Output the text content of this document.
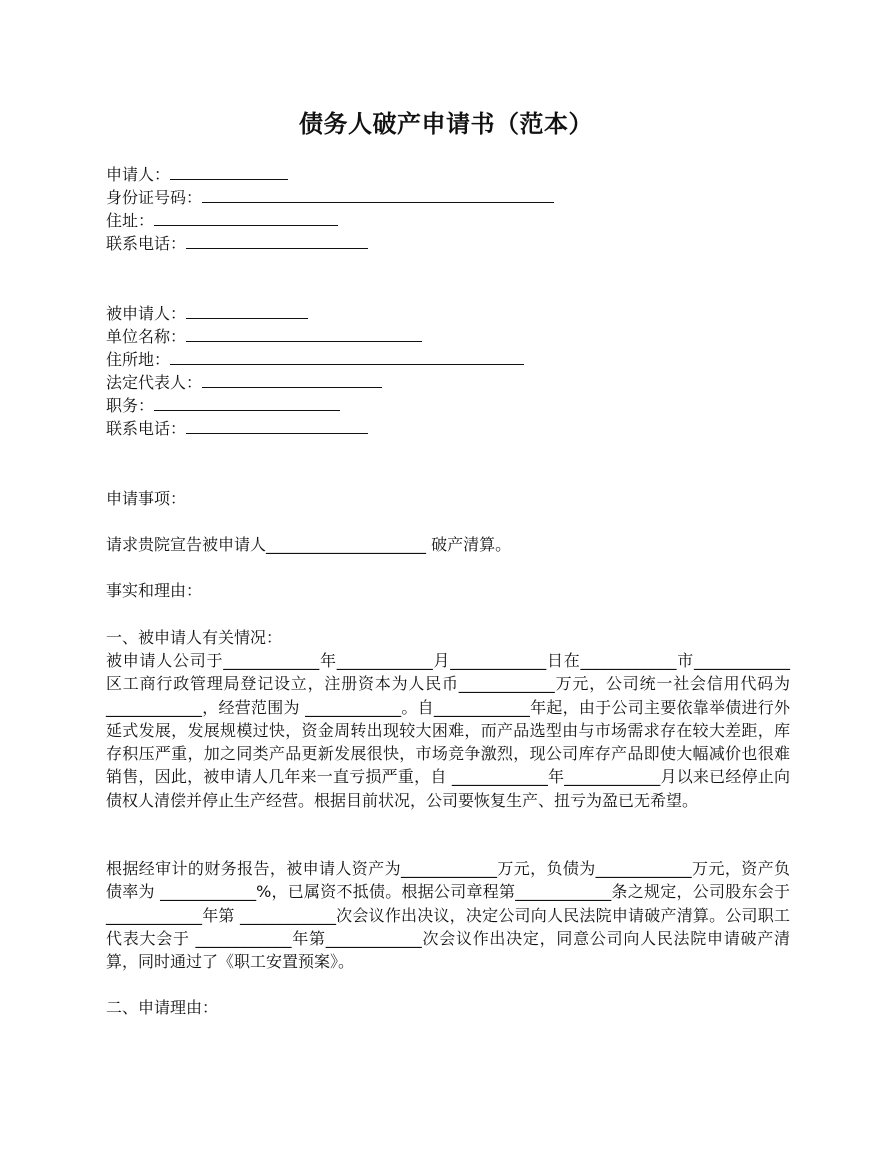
债务人破产申请书（范本）
申请人：
身份证号码：
住址：
联系电话：
被申请人：
单位名称：
住所地：
法定代表人：
职务：
联系电话：
申请事项：
请求贵院宣告被申请人____________________ 破产清算。
事实和理由：
一、被申请人有关情况：
被申请人公司于____________年____________月____________日在____________市____________区工商行政管理局登记设立，注册资本为人民币____________万元，公司统一社会信用代码为 ____________，经营范围为 ____________。自____________年起，由于公司主要依靠举债进行外延式发展，发展规模过快，资金周转出现较大困难，而产品选型由与市场需求存在较大差距，库存积压严重，加之同类产品更新发展很快，市场竞争激烈，现公司库存产品即使大幅减价也很难销售，因此，被申请人几年来一直亏损严重，自 ____________年____________月以来已经停止向债权人清偿并停止生产经营。根据目前状况，公司要恢复生产、扭亏为盈已无希望。
根据经审计的财务报告，被申请人资产为____________万元，负债为____________万元，资产负债率为 ____________%，已属资不抵债。根据公司章程第____________条之规定，公司股东会于____________年第 ____________次会议作出决议，决定公司向人民法院申请破产清算。公司职工代表大会于 ____________年第____________次会议作出决定，同意公司向人民法院申请破产清算，同时通过了《职工安置预案》。
二、申请理由：
